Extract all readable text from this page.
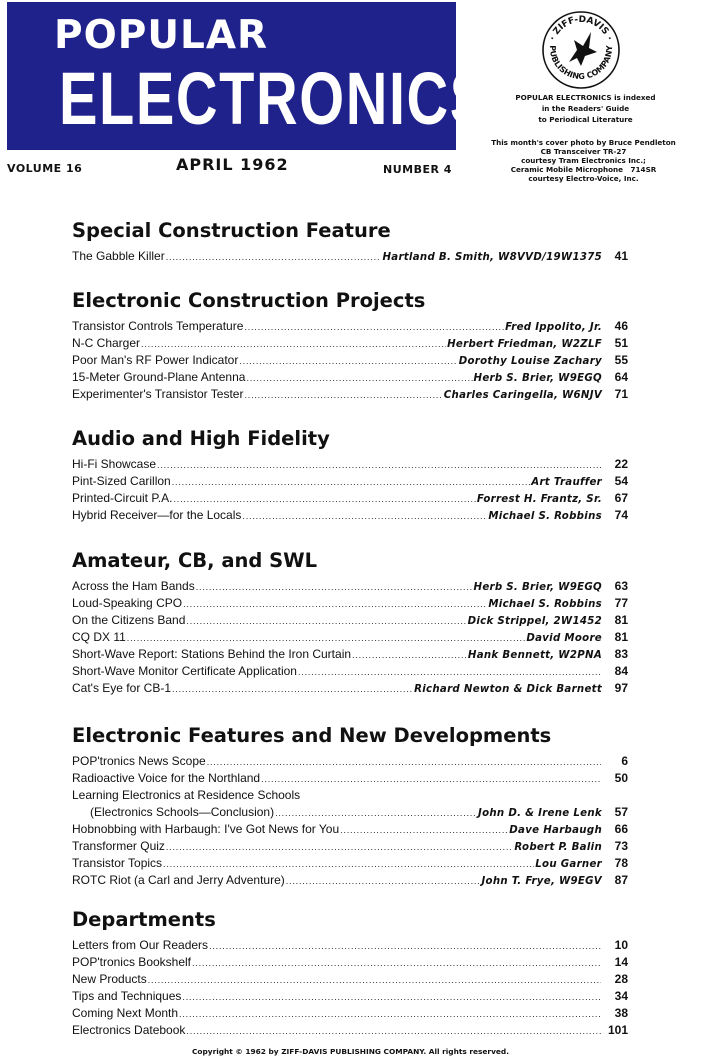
POPULAR
ELECTRONICS
VOLUME 16	APRIL 1962	NUMBER 4
· ZIFF-DAVIS ·
PUBLISHING COMPANY
POPULAR ELECTRONICS is indexed
in the Readers' Guide
to Periodical Literature
This month's cover photo by Bruce Pendleton
CB Transceiver TR-27
courtesy Tram Electronics Inc.;
Ceramic Mobile Microphone   714SR
courtesy Electro-Voice, Inc.
Special Construction Feature
The Gabble Killer .....	Hartland B. Smith, W8VVD/19W1375	41
Electronic Construction Projects
Transistor Controls Temperature .....	Fred Ippolito, Jr.	46
N-C Charger .....	Herbert Friedman, W2ZLF	51
Poor Man's RF Power Indicator .....	Dorothy Louise Zachary	55
15-Meter Ground-Plane Antenna .....	Herb S. Brier, W9EGQ	64
Experimenter's Transistor Tester .....	Charles Caringella, W6NJV	71
Audio and High Fidelity
Hi-Fi Showcase .....	22
Pint-Sized Carillon .....	Art Trauffer	54
Printed-Circuit P.A. .....	Forrest H. Frantz, Sr.	67
Hybrid Receiver—for the Locals .....	Michael S. Robbins	74
Amateur, CB, and SWL
Across the Ham Bands .....	Herb S. Brier, W9EGQ	63
Loud-Speaking CPO .....	Michael S. Robbins	77
On the Citizens Band .....	Dick Strippel, 2W1452	81
CQ DX 11 .....	David Moore	81
Short-Wave Report: Stations Behind the Iron Curtain .....	Hank Bennett, W2PNA	83
Short-Wave Monitor Certificate Application .....	84
Cat's Eye for CB-1 .....	Richard Newton & Dick Barnett	97
Electronic Features and New Developments
POP'tronics News Scope .....	6
Radioactive Voice for the Northland .....	50
Learning Electronics at Residence Schools
(Electronics Schools—Conclusion) .....	John D. & Irene Lenk	57
Hobnobbing with Harbaugh: I've Got News for You .....	Dave Harbaugh	66
Transformer Quiz .....	Robert P. Balin	73
Transistor Topics .....	Lou Garner	78
ROTC Riot (a Carl and Jerry Adventure) .....	John T. Frye, W9EGV	87
Departments
Letters from Our Readers .....	10
POP'tronics Bookshelf .....	14
New Products .....	28
Tips and Techniques .....	34
Coming Next Month .....	38
Electronics Datebook .....	101
Copyright © 1962 by ZIFF-DAVIS PUBLISHING COMPANY. All rights reserved.
